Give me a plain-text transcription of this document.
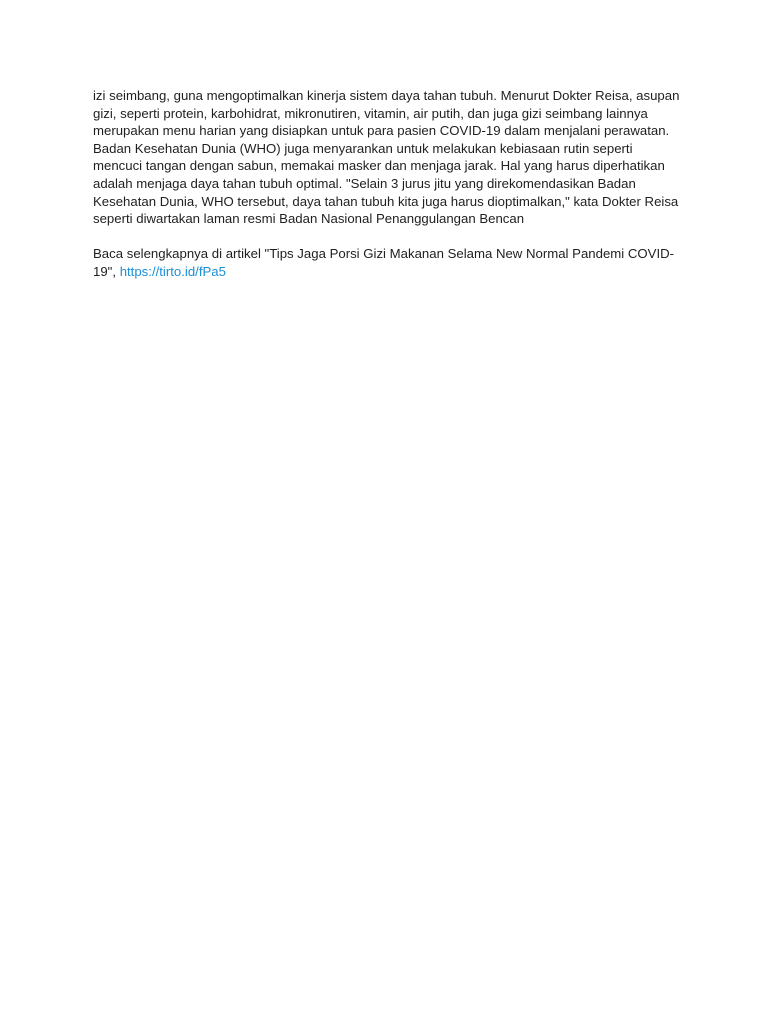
izi seimbang, guna mengoptimalkan kinerja sistem daya tahan tubuh. Menurut Dokter Reisa, asupan gizi, seperti protein, karbohidrat, mikronutiren, vitamin, air putih, dan juga gizi seimbang lainnya merupakan menu harian yang disiapkan untuk para pasien COVID-19 dalam menjalani perawatan. Badan Kesehatan Dunia (WHO) juga menyarankan untuk melakukan kebiasaan rutin seperti mencuci tangan dengan sabun, memakai masker dan menjaga jarak. Hal yang harus diperhatikan adalah menjaga daya tahan tubuh optimal. "Selain 3 jurus jitu yang direkomendasikan Badan Kesehatan Dunia, WHO tersebut, daya tahan tubuh kita juga harus dioptimalkan," kata Dokter Reisa seperti diwartakan laman resmi Badan Nasional Penanggulangan Bencan

Baca selengkapnya di artikel "Tips Jaga Porsi Gizi Makanan Selama New Normal Pandemi COVID-19", https://tirto.id/fPa5
